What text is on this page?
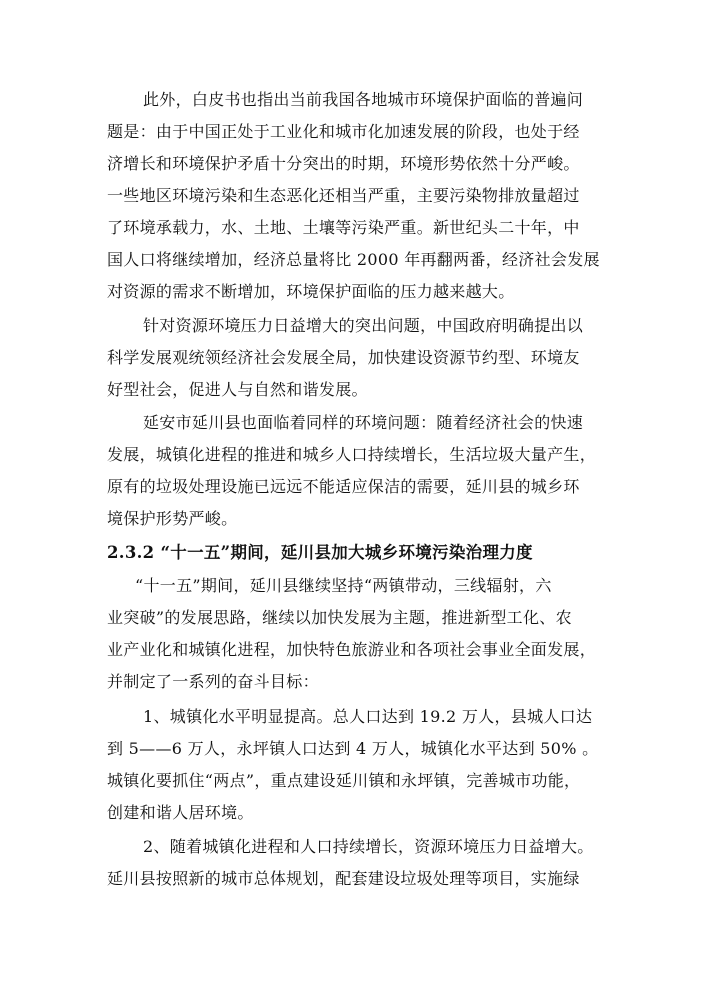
此外，白皮书也指出当前我国各地城市环境保护面临的普遍问
题是：由于中国正处于工业化和城市化加速发展的阶段，也处于经
济增长和环境保护矛盾十分突出的时期，环境形势依然十分严峻。
一些地区环境污染和生态恶化还相当严重，主要污染物排放量超过
了环境承载力，水、土地、土壤等污染严重。新世纪头二十年，中
国人口将继续增加，经济总量将比 2000 年再翻两番，经济社会发展
对资源的需求不断增加，环境保护面临的压力越来越大。
针对资源环境压力日益增大的突出问题，中国政府明确提出以
科学发展观统领经济社会发展全局，加快建设资源节约型、环境友
好型社会，促进人与自然和谐发展。
延安市延川县也面临着同样的环境问题：随着经济社会的快速
发展，城镇化进程的推进和城乡人口持续增长，生活垃圾大量产生，
原有的垃圾处理设施已远远不能适应保洁的需要，延川县的城乡环
境保护形势严峻。
2.3.2 “十一五”期间，延川县加大城乡环境污染治理力度
“十一五”期间，延川县继续坚持“两镇带动，三线辐射，六
业突破”的发展思路，继续以加快发展为主题，推进新型工化、农
业产业化和城镇化进程，加快特色旅游业和各项社会事业全面发展，
并制定了一系列的奋斗目标：
1、城镇化水平明显提高。总人口达到 19.2 万人，县城人口达
到 5——6 万人，永坪镇人口达到 4 万人，城镇化水平达到 50% 。
城镇化要抓住“两点”，重点建设延川镇和永坪镇，完善城市功能，
创建和谐人居环境。
2、随着城镇化进程和人口持续增长，资源环境压力日益增大。
延川县按照新的城市总体规划，配套建设垃圾处理等项目，实施绿
